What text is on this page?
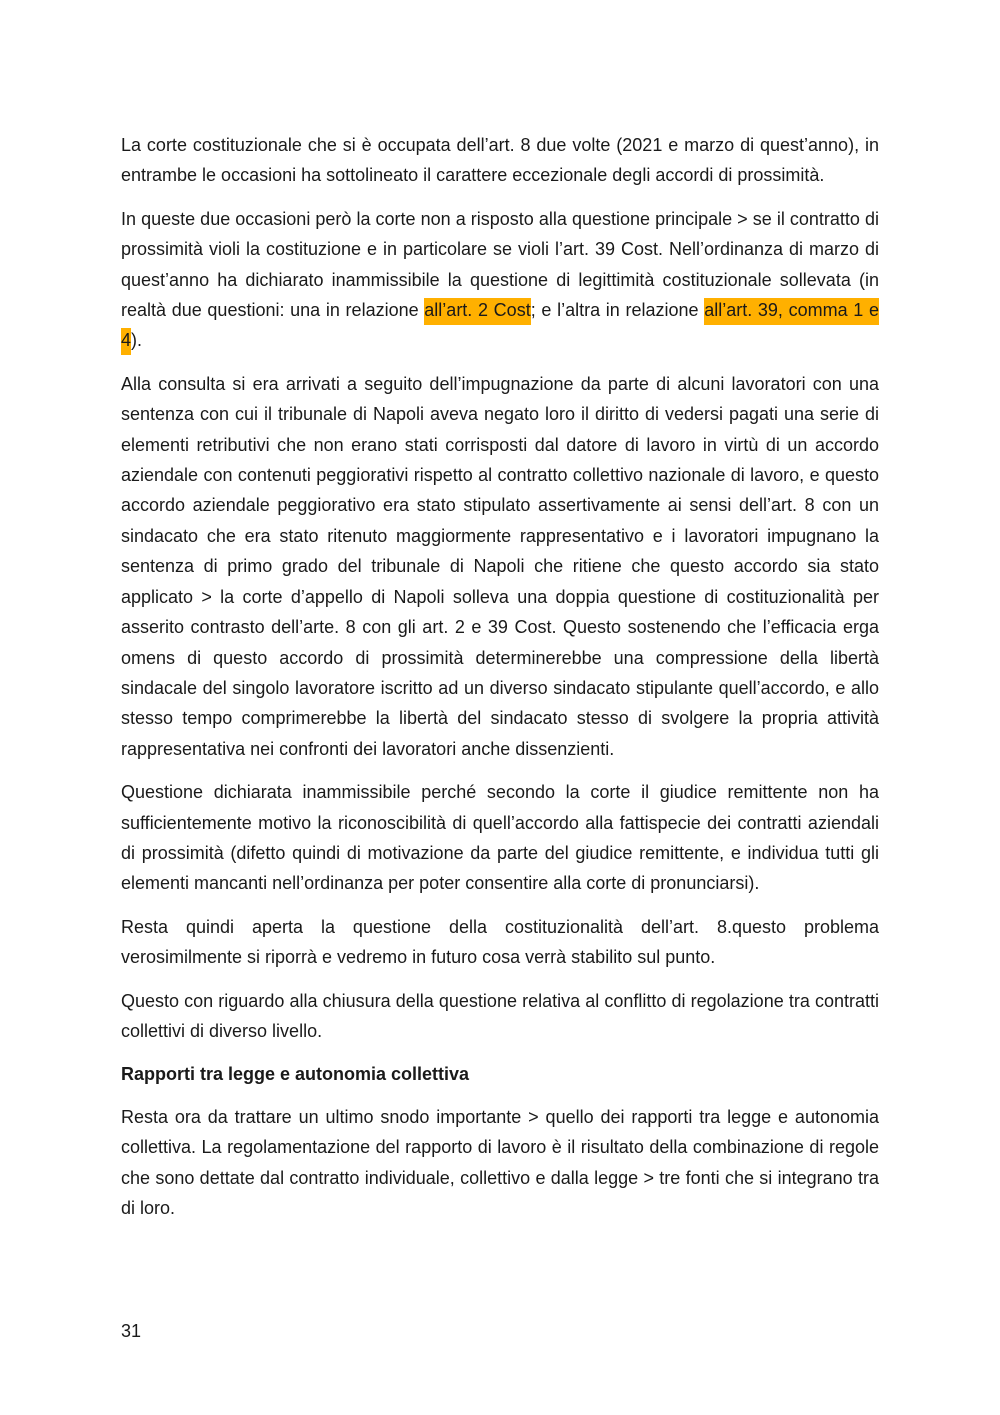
La corte costituzionale che si è occupata dell’art. 8 due volte (2021 e marzo di quest’anno), in entrambe le occasioni ha sottolineato il carattere eccezionale degli accordi di prossimità.

In queste due occasioni però la corte non a risposto alla questione principale > se il contratto di prossimità violi la costituzione e in particolare se violi l’art. 39 Cost. Nell’ordinanza di marzo di quest’anno ha dichiarato inammissibile la questione di legittimità costituzionale sollevata (in realtà due questioni: una in relazione all’art. 2 Cost; e l’altra in relazione all’art. 39, comma 1 e 4).

Alla consulta si era arrivati a seguito dell’impugnazione da parte di alcuni lavoratori con una sentenza con cui il tribunale di Napoli aveva negato loro il diritto di vedersi pagati una serie di elementi retributivi che non erano stati corrisposti dal datore di lavoro in virtù di un accordo aziendale con contenuti peggiorativi rispetto al contratto collettivo nazionale di lavoro, e questo accordo aziendale peggiorativo era stato stipulato assertivamente ai sensi dell’art. 8 con un sindacato che era stato ritenuto maggiormente rappresentativo e i lavoratori impugnano la sentenza di primo grado del tribunale di Napoli che ritiene che questo accordo sia stato applicato > la corte d’appello di Napoli solleva una doppia questione di costituzionalità per asserito contrasto dell’arte. 8 con gli art. 2 e 39 Cost. Questo sostenendo che l’efficacia erga omens di questo accordo di prossimità determinerebbe una compressione della libertà sindacale del singolo lavoratore iscritto ad un diverso sindacato stipulante quell’accordo, e allo stesso tempo comprimerebbe la libertà del sindacato stesso di svolgere la propria attività rappresentativa nei confronti dei lavoratori anche dissenzienti.

Questione dichiarata inammissibile perché secondo la corte il giudice remittente non ha sufficientemente motivo la riconoscibilità di quell’accordo alla fattispecie dei contratti aziendali di prossimità (difetto quindi di motivazione da parte del giudice remittente, e individua tutti gli elementi mancanti nell’ordinanza per poter consentire alla corte di pronunciarsi).

Resta quindi aperta la questione della costituzionalità dell’art. 8.questo problema verosimilmente si riporrà e vedremo in futuro cosa verrà stabilito sul punto.

Questo con riguardo alla chiusura della questione relativa al conflitto di regolazione tra contratti collettivi di diverso livello.

Rapporti tra legge e autonomia collettiva

Resta ora da trattare un ultimo snodo importante > quello dei rapporti tra legge e autonomia collettiva. La regolamentazione del rapporto di lavoro è il risultato della combinazione di regole che sono dettate dal contratto individuale, collettivo e dalla legge > tre fonti che si integrano tra di loro.

31
